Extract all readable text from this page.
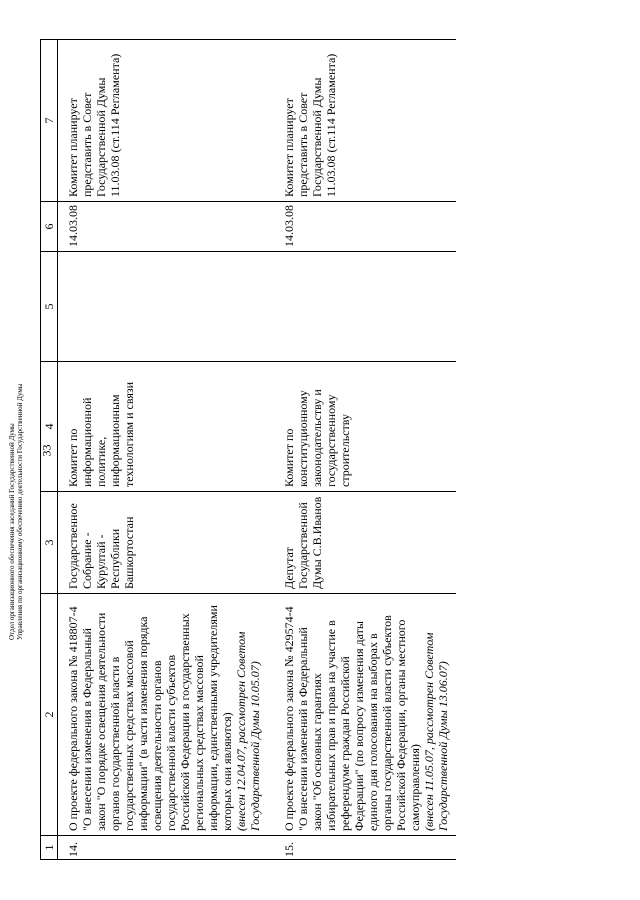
1	2	3	4	5	6	7
14.	О проекте федерального закона № 418807-4 "О внесении изменения в Федеральный закон "О порядке освещения деятельности органов государственной власти в государственных средствах массовой информации" (в части изменения порядка освещения деятельности органов государственной власти субъектов Российской Федерации в государственных региональных средствах массовой информации, единственными учредителями которых они являются) (внесен 12.04.07, рассмотрен Советом Государственной Думы 10.05.07)	Государственное Собрание - Курултай - Республики Башкортостан	Комитет по информационной политике, информационным технологиям и связи		14.03.08	Комитет планирует представить в Совет Государственной Думы 11.03.08 (ст.114 Регламента)
15.	О проекте федерального закона № 429574-4 "О внесении изменений в Федеральный закон "Об основных гарантиях избирательных прав и права на участие в референдуме граждан Российской Федерации" (по вопросу изменения даты единого дня голосования на выборах в органы государственной власти субъектов Российской Федерации, органы местного самоуправления) (внесен 11.05.07, рассмотрен Советом Государственной Думы 13.06.07)	Депутат Государственной Думы С.В.Иванов	Комитет по конституционному законодательству и государственному строительству		14.03.08	Комитет планирует представить в Совет Государственной Думы 11.03.08 (ст.114 Регламента)
33
Отдел организационного обеспечения заседаний Государственной Думы Управления по организационному обеспечению деятельности Государственной Думы
